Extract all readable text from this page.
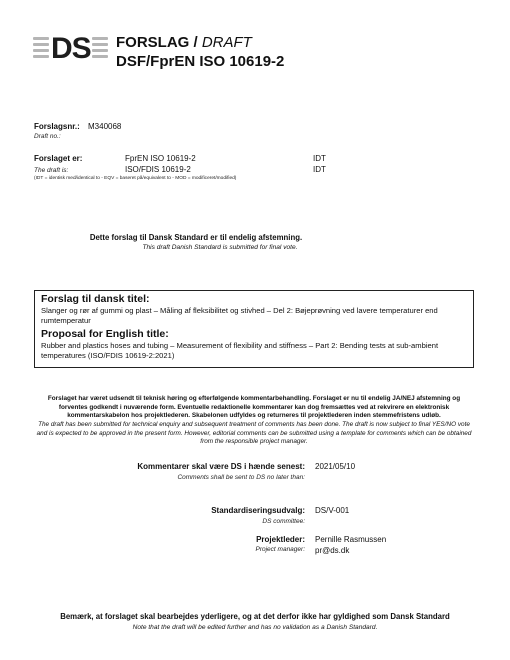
DS FORSLAG / DRAFT
DSF/FprEN ISO 10619-2
Forslagsnr.: M340068
Draft no.:
Forslaget er:	FprEN ISO 10619-2	IDT
The draft is:	ISO/FDIS 10619-2	IDT
(IDT = identisk med/identical to - EQV = baseret på/equivalent to - MOD = modificeret/modified)
Dette forslag til Dansk Standard er til endelig afstemning.
This draft Danish Standard is submitted for final vote.
Forslag til dansk titel:

Slanger og rør af gummi og plast – Måling af fleksibilitet og stivhed – Del 2: Bøjeprøvning ved lavere temperaturer end rumtemperatur

Proposal for English title:

Rubber and plastics hoses and tubing – Measurement of flexibility and stiffness – Part 2: Bending tests at sub-ambient temperatures (ISO/FDIS 10619-2:2021)

Forslaget har været udsendt til teknisk høring og efterfølgende kommentarbehandling. Forslaget er nu til endelig JA/NEJ afstemning og forventes godkendt i nuværende form. Eventuelle redaktionelle kommentarer kan dog fremsættes ved at rekvirere en elektronisk kommentarskabelon hos projektlederen. Skabelonen udfyldes og returneres til projektlederen inden stemmefristens udløb.
The draft has been submitted for technical enquiry and subsequent treatment of comments has been done. The draft is now subject to final YES/NO vote and is expected to be approved in the present form. However, editorial comments can be submitted using a template for comments which can be obtained from the responsible project manager.
Kommentarer skal være DS i hænde senest: 2021/05/10
Comments shall be sent to DS no later than:
Standardiseringsudvalg: DS/V-001
DS committee:
Projektleder: Pernille Rasmussen
Project manager: pr@ds.dk
Bemærk, at forslaget skal bearbejdes yderligere, og at det derfor ikke har gyldighed som Dansk Standard
Note that the draft will be edited further and has no validation as a Danish Standard.
